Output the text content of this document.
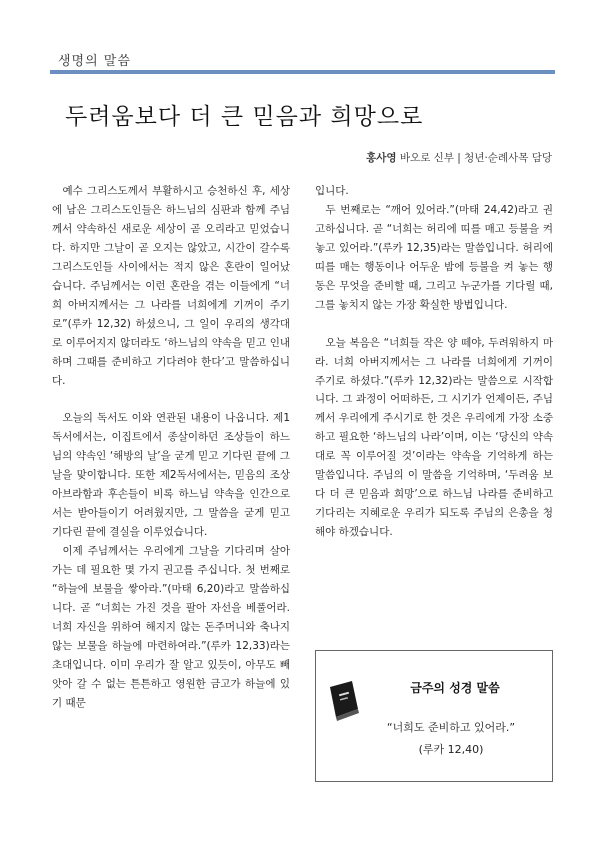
생명의 말씀
두려움보다 더 큰 믿음과 희망으로
홍사영 바오로 신부 | 청년·순례사목 담당

예수 그리스도께서 부활하시고 승천하신 후, 세상에 남은 그리스도인들은 하느님의 심판과 함께 주님께서 약속하신 새로운 세상이 곧 오리라고 믿었습니다. 하지만 그날이 곧 오지는 않았고, 시간이 갈수록 그리스도인들 사이에서는 적지 않은 혼란이 일어났습니다. 주님께서는 이런 혼란을 겪는 이들에게 “너희 아버지께서는 그 나라를 너희에게 기꺼이 주기로”(루카 12,32) 하셨으니, 그 일이 우리의 생각대로 이루어지지 않더라도 ‘하느님의 약속을 믿고 인내하며 그때를 준비하고 기다려야 한다’고 말씀하십니다.

오늘의 독서도 이와 연관된 내용이 나옵니다. 제1독서에서는, 이집트에서 종살이하던 조상들이 하느님의 약속인 ‘해방의 날’을 굳게 믿고 기다린 끝에 그날을 맞이합니다. 또한 제2독서에서는, 믿음의 조상 아브라함과 후손들이 비록 하느님 약속을 인간으로서는 받아들이기 어려웠지만, 그 말씀을 굳게 믿고 기다린 끝에 결실을 이루었습니다.

이제 주님께서는 우리에게 그날을 기다리며 살아가는 데 필요한 몇 가지 권고를 주십니다. 첫 번째로 “하늘에 보물을 쌓아라.”(마태 6,20)라고 말씀하십니다. 곧 “너희는 가진 것을 팔아 자선을 베풀어라. 너희 자신을 위하여 해지지 않는 돈주머니와 축나지 않는 보물을 하늘에 마련하여라.”(루카 12,33)라는 초대입니다. 이미 우리가 잘 알고 있듯이, 아무도 빼앗아 갈 수 없는 튼튼하고 영원한 금고가 하늘에 있기 때문

입니다.

두 번째로는 “깨어 있어라.”(마태 24,42)라고 권고하십니다. 곧 “너희는 허리에 띠를 매고 등불을 켜 놓고 있어라.”(루카 12,35)라는 말씀입니다. 허리에 띠를 매는 행동이나 어두운 밤에 등불을 켜 놓는 행동은 무엇을 준비할 때, 그리고 누군가를 기다릴 때, 그를 놓치지 않는 가장 확실한 방법입니다.

오늘 복음은 “너희들 작은 양 떼야, 두려워하지 마라. 너희 아버지께서는 그 나라를 너희에게 기꺼이 주기로 하셨다.”(루카 12,32)라는 말씀으로 시작합니다. 그 과정이 어떠하든, 그 시기가 언제이든, 주님께서 우리에게 주시기로 한 것은 우리에게 가장 소중하고 필요한 ‘하느님의 나라’이며, 이는 ‘당신의 약속대로 꼭 이루어질 것’이라는 약속을 기억하게 하는 말씀입니다. 주님의 이 말씀을 기억하며, ‘두려움 보다 더 큰 믿음과 희망’으로 하느님 나라를 준비하고 기다리는 지혜로운 우리가 되도록 주님의 은총을 청해야 하겠습니다.

금주의 성경 말씀
“너희도 준비하고 있어라.”
(루카 12,40)
